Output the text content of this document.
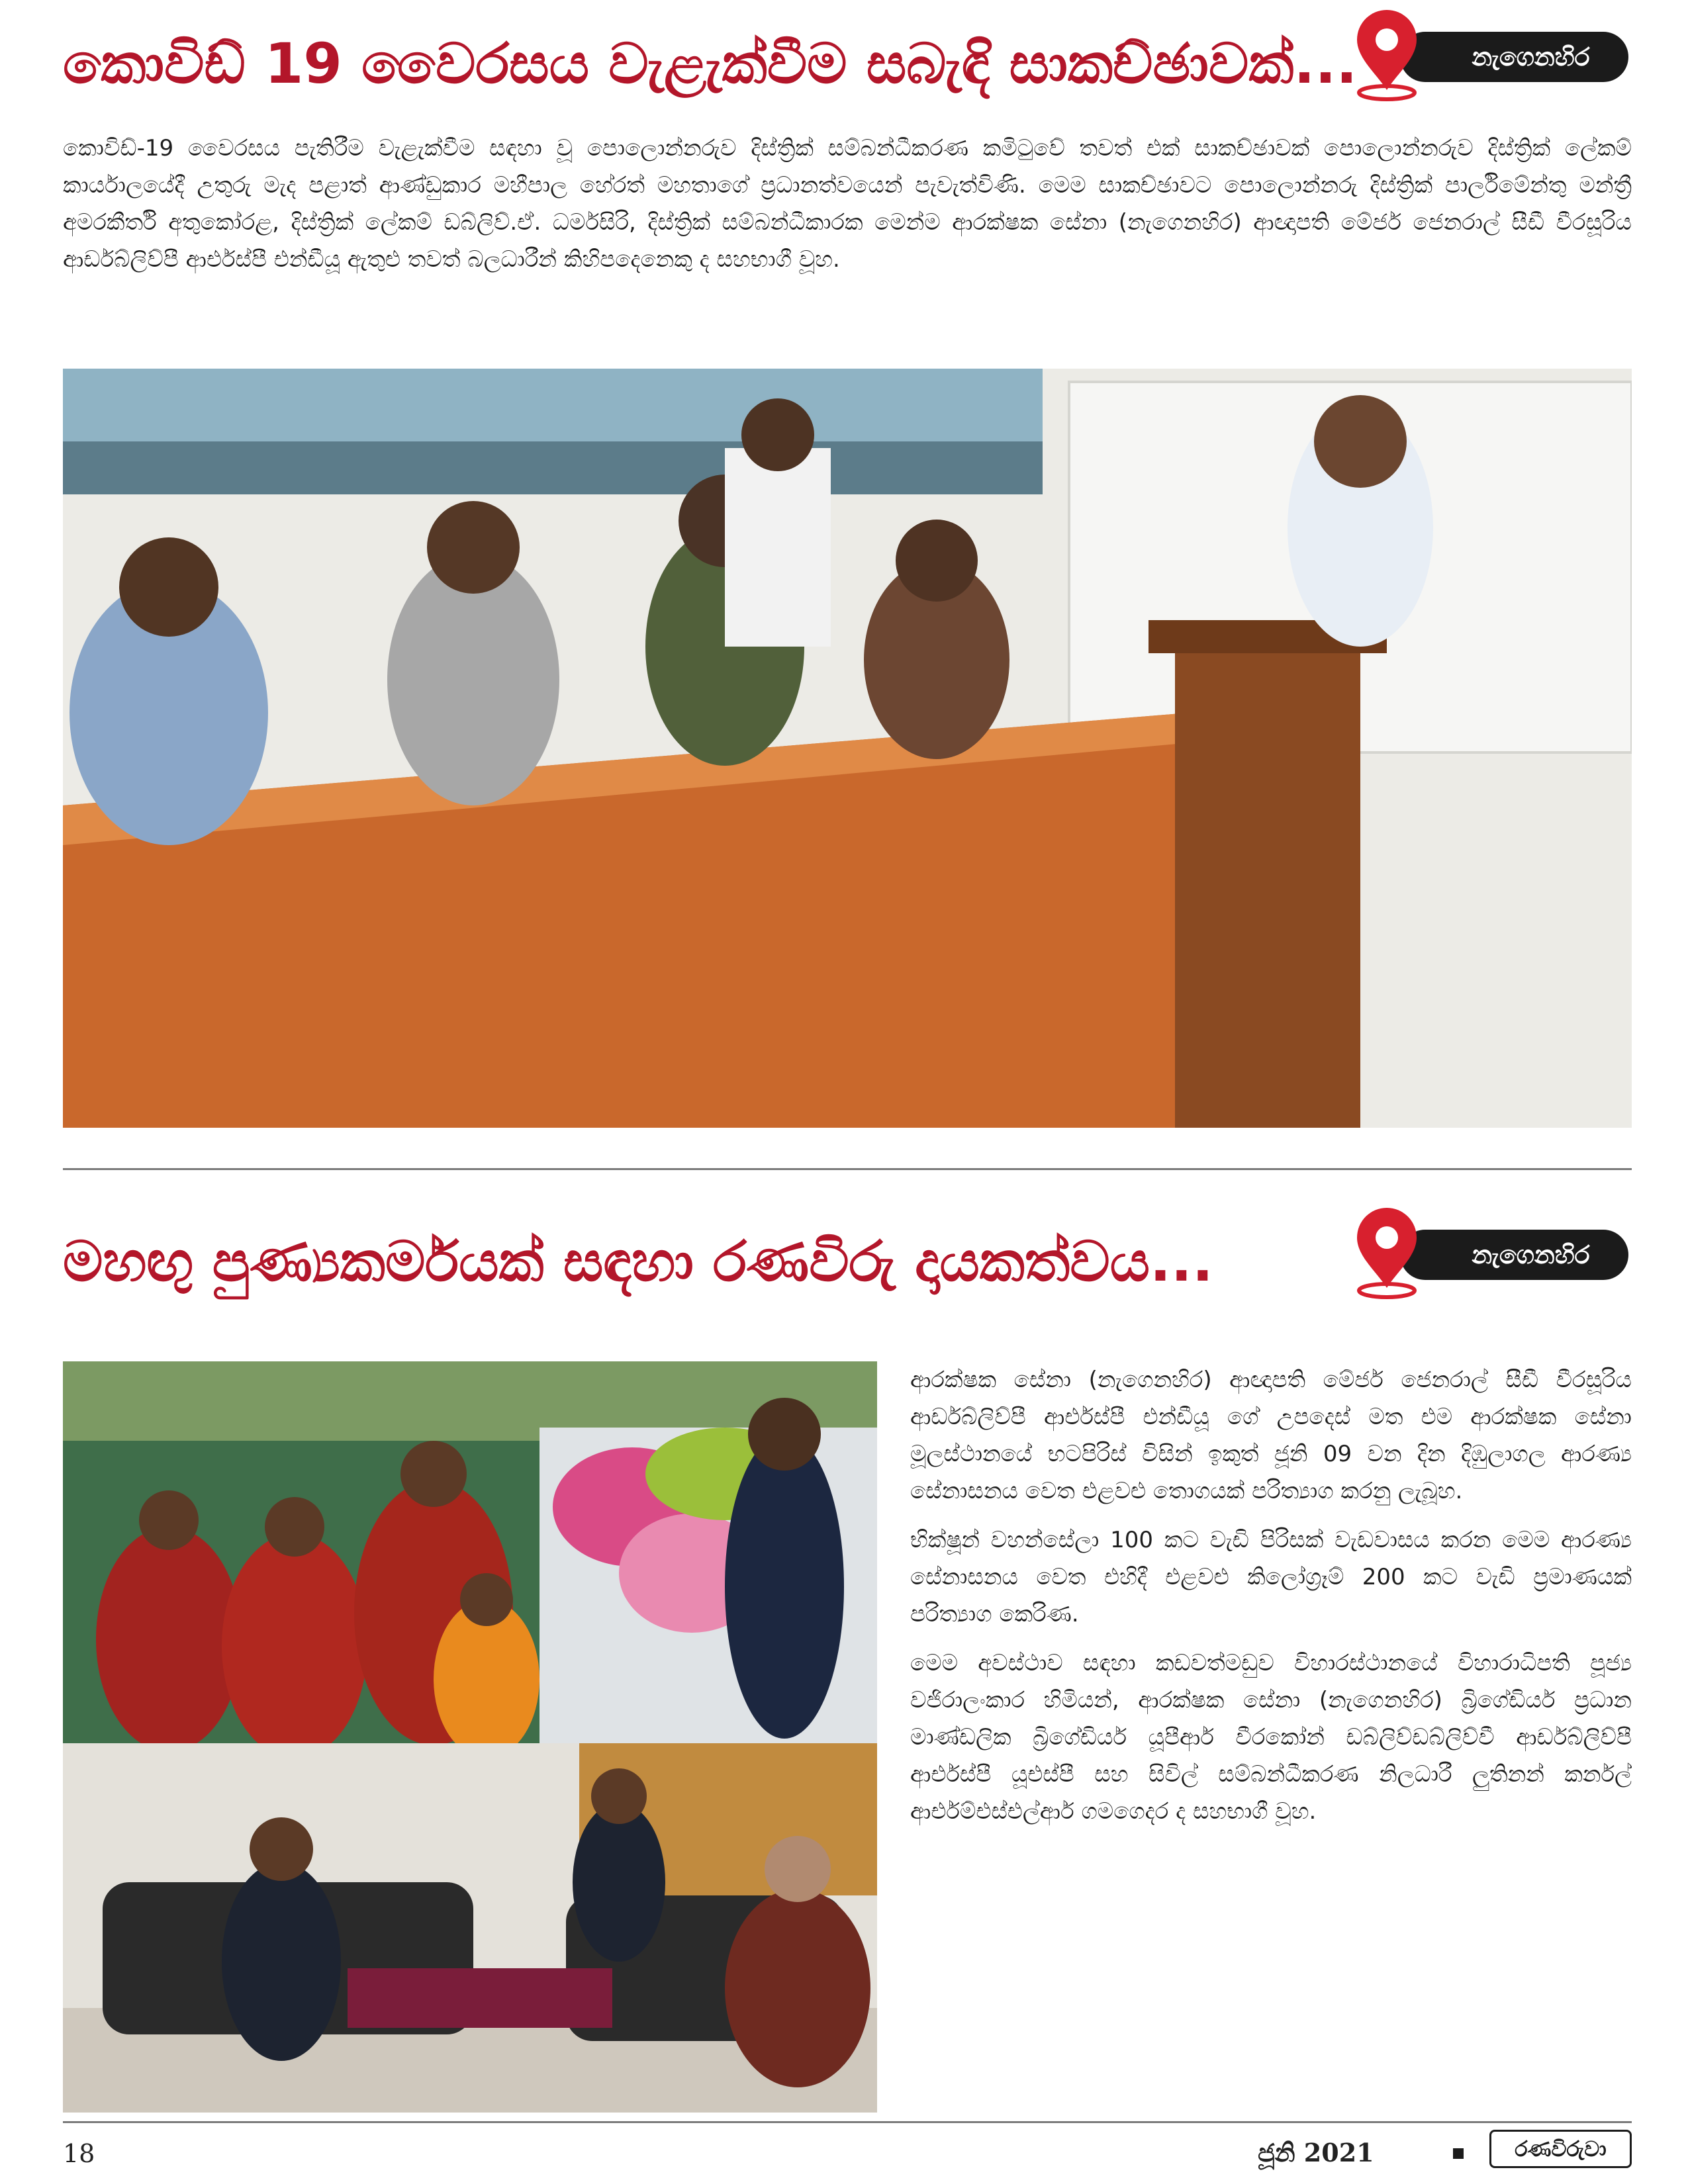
කොවිඩ් 19 වෛරසය වැළැක්වීම සබැඳි සාකච්ඡාවක්...	නැගෙනහිර

කොවිඩ්-19 වෛරසය පැතිරීම වැළැක්වීම සඳහා වූ පොලොන්නරුව දිස්ත්‍රික් සම්බන්ධීකරණ කමිටුවේ තවත් එක් සාකච්ඡාවක් පොලොන්නරුව දිස්ත්‍රික් ලේකම් කාර්යාලයේදී උතුරු මැද පළාත් ආණ්ඩුකාර මහීපාල හේරත් මහතාගේ ප්‍රධානත්වයෙන් පැවැත්විණි. මෙම සාකච්ඡාවට පොලොන්නරු දිස්ත්‍රික් පාර්ලිමේන්තු මන්ත්‍රී අමරකීර්ති අතුකෝරළ, දිස්ත්‍රික් ලේකම් ඩබ්ලිව්.ඒ. ධර්මසිරි, දිස්ත්‍රික් සම්බන්ධීකාරක මෙන්ම ආරක්ෂක සේනා (නැගෙනහිර) ආඥාපති මේජර් ජෙනරාල් සීඩී වීරසූරිය ආර්ඩබ්ලිව්පී ආර්එස්පී එන්ඩීයූ ඇතුළු තවත් බලධාරීන් කිහිපදෙනෙකු ද සහභාගී වූහ.

මහඟු පුණ්‍යකර්මයක් සඳහා රණවිරු දායකත්වය...	නැගෙනහිර

ආරක්ෂක සේනා (නැගෙනහිර) ආඥාපති මේජර් ජෙනරාල් සීඩී වීරසූරිය ආර්ඩබ්ලිව්පී ආර්එස්පී එන්ඩීයූ ගේ උපදෙස් මත එම ආරක්ෂක සේනා මූලස්ථානයේ භටපිරිස් විසින් ඉකුත් ජූනි 09 වන දින දිඹුලාගල ආරණ්‍ය සේනාසනය වෙත එළවළු තොගයක් පරිත්‍යාග කරනු ලැබූහ.

භික්ෂූන් වහන්සේලා 100 කට වැඩි පිරිසක් වැඩවාසය කරන මෙම ආරණ්‍ය සේනාසනය වෙත එහිදී එළවළු කිලෝග්‍රෑම් 200 කට වැඩි ප්‍රමාණයක් පරිත්‍යාග කෙරිණ.

මෙම අවස්ථාව සඳහා කඩවත්මඩුව විහාරස්ථානයේ විහාරාධිපති පූජ්‍ය වජිරාලංකාර හිමියන්, ආරක්ෂක සේනා (නැගෙනහිර) බ්‍රිගේඩියර් ප්‍රධාන මාණ්ඩලික බ්‍රිගේඩියර් යූපීආර් වීරකෝන් ඩබ්ලිව්ඩබ්ලිව්වී ආර්ඩබ්ලිව්පී ආර්එස්පී යූඑස්පී සහ සිවිල් සම්බන්ධීකරණ නිලධාරී ලුතිනන් කර්නල් ආර්එම්එස්එල්ආර් ගමගෙදර ද සහභාගී වූහ.

18	ජූනි 2021	රණවිරුවා
